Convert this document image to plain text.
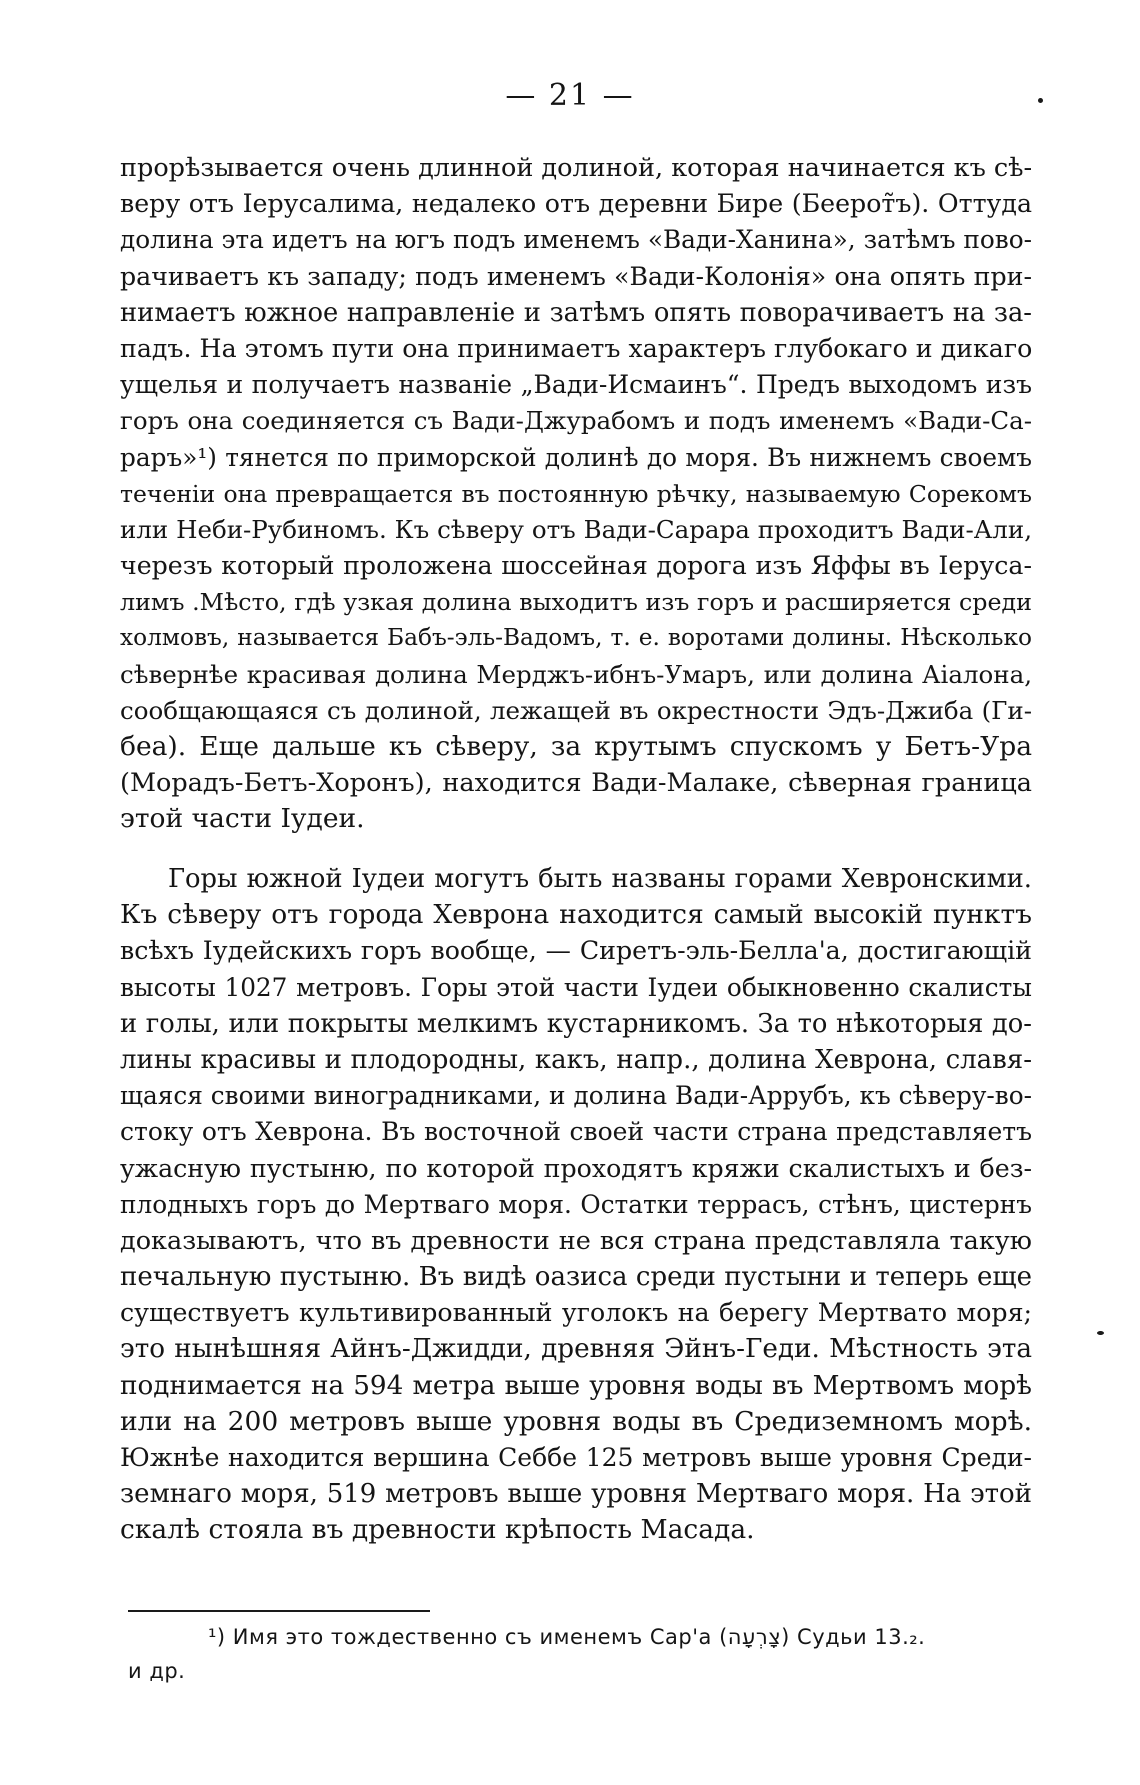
— 21 —
прорѣзывается очень длинной долиной, которая начинается къ сѣ-
веру отъ Іерусалима, недалеко отъ деревни Бире (Беерот̃ъ). Оттуда
долина эта идетъ на югъ подъ именемъ «Вади-Ханина», затѣмъ пово-
рачиваетъ къ западу; подъ именемъ «Вади-Колонія» она опять при-
нимаетъ южное направленіе и затѣмъ опять поворачиваетъ на за-
падъ. На этомъ пути она принимаетъ характеръ глубокаго и дикаго
ущелья и получаетъ названіе „Вади-Исмаинъ“. Предъ выходомъ изъ
горъ она соединяется съ Вади-Джурабомъ и подъ именемъ «Вади-Са-
раръ»¹) тянется по приморской долинѣ до моря. Въ нижнемъ своемъ
теченіи она превращается въ постоянную рѣчку, называемую Сорекомъ
или Неби-Рубиномъ. Къ сѣверу отъ Вади-Сарара проходитъ Вади-Али,
черезъ который проложена шоссейная дорога изъ Яффы въ Іеруса-
лимъ .Мѣсто, гдѣ узкая долина выходитъ изъ горъ и расширяется среди
холмовъ, называется Бабъ-эль-Вадомъ, т. е. воротами долины. Нѣсколько
сѣвернѣе красивая долина Мерджъ-ибнъ-Умаръ, или долина Аіалона,
сообщающаяся съ долиной, лежащей въ окрестности Эдъ-Джиба (Ги-
беа). Еще дальше къ сѣверу, за крутымъ спускомъ у Бетъ-Ура
(Морадъ-Бетъ-Хоронъ), находится Вади-Малаке, сѣверная граница
этой части Іудеи.
Горы южной Іудеи могутъ быть названы горами Хевронскими.
Къ сѣверу отъ города Хеврона находится самый высокій пунктъ
всѣхъ Іудейскихъ горъ вообще, — Сиретъ-эль-Белла'а, достигающій
высоты 1027 метровъ. Горы этой части Іудеи обыкновенно скалисты
и голы, или покрыты мелкимъ кустарникомъ. За то нѣкоторыя до-
лины красивы и плодородны, какъ, напр., долина Хеврона, славя-
щаяся своими виноградниками, и долина Вади-Аррубъ, къ сѣверу-во-
стоку отъ Хеврона. Въ восточной своей части страна представляетъ
ужасную пустыню, по которой проходятъ кряжи скалистыхъ и без-
плодныхъ горъ до Мертваго моря. Остатки террасъ, стѣнъ, цистернъ
доказываютъ, что въ древности не вся страна представляла такую
печальную пустыню. Въ видѣ оазиса среди пустыни и теперь еще
существуетъ культивированный уголокъ на берегу Мертвато моря;
это нынѣшняя Айнъ-Джидди, древняя Эйнъ-Геди. Мѣстность эта
поднимается на 594 метра выше уровня воды въ Мертвомъ морѣ
или на 200 метровъ выше уровня воды въ Средиземномъ морѣ.
Южнѣе находится вершина Себбе 125 метровъ выше уровня Среди-
земнаго моря, 519 метровъ выше уровня Мертваго моря. На этой
скалѣ стояла въ древности крѣпость Масада.
¹) Имя это тождественно съ именемъ Сар'а (צָרְעָה) Судьи 13.₂.
и др.
